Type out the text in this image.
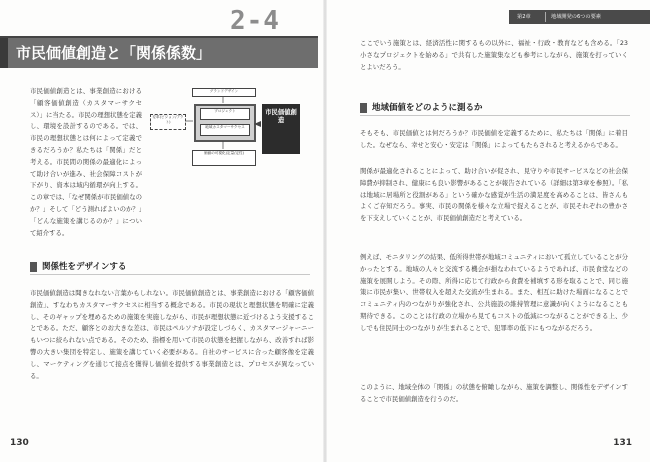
2-4
市民価値創造と「関係係数」
市民価値創造とは、事業創造における「顧客価値創造（カスタマーサクセス）」に当たる。市民の理想状態を定義し、環境を設計するのである。では、市民の理想状態とは何によって定義できるだろうか？私たちは「関係」だと考える。市民間の関係の最適化によって助け合いが進み、社会保障コストが下がり、資本は域内循環が向上する。この章では、「なぜ関係が市民価値なのか？」そして「どう測ればよいのか？」「どんな施策を講じるのか？」について紹介する。
グランドデザイン
変革(ビジョン/アクト)
プロジェクト
地域カスタマーサクセス
価値の可視化(定量/定性)
市民価値創造
関係性をデザインする
市民価値創造は聞きなれない言葉かもしれない。市民価値創造とは、事業創造における「顧客価値創造」、すなわちカスタマーサクセスに相当する概念である。市民の現状と理想状態を明確に定義し、そのギャップを埋めるための施策を実施しながら、市民が理想状態に近づけるよう支援することである。ただ、顧客とのお大きな差は、市民はペルソナが設定しづらく、カスタマージャーニーもいつに絞られない点である。そのため、指標を用いて市民の状態を把握しながら、改善すれば影響の大きい集団を特定し、施策を講じていく必要がある。自社のサービスに合った顧客像を定義し、マーケティングを通じて接点を獲得し価値を提供する事業創造とは、プロセスが異なっている。
130
第2章	地域開発の6つの要素
ここでいう施策とは、経済活性に関するもの以外に、福祉・行政・教育なども含める。「23 小さなプロジェクトを始める」で共有した施策集なども参考にしながら、施策を打っていくとよいだろう。
地域価値をどのように測るか
そもそも、市民価値とは何だろうか？市民価値を定義するために、私たちは「関係」に着目した。なぜなら、幸せと安心・安定は「関係」によってもたらされると考えるからである。
関係が最適化されることによって、助け合いが促され、見守りや市民サービスなどの社会保障費が抑制され、健康にも良い影響があることが報告されている（詳細は第3章を参照）。「私は地域に居場所と役割がある」という確かな感覚が生活の満足度を高めることは、皆さんもよくご存知だろう。事実、市民の関係を様々な立場で捉えることが、市民それぞれの豊かさを下支えしていくことが、市民価値創造だと考えている。
例えば、モニタリングの結果、低所得世帯が地域コミュニティにおいて孤立していることが分かったとする。地域の人々と交流する機会が損なわれているようであれば、市民食堂などの施策を展開しよう。その際、所得に応じて行政から食費を補填する形を取ることで、同じ施策に市民が集い、世帯収入を超えた交流が生まれる。また、相互に助けた場面になることでコミュニティ内のつながりが強化され、公共施設の維持管理に意識が向くようになることも期待できる。このことは行政の立場から見てもコストの低減につながることができる上、少しでも住民同士のつながりが生まれることで、犯罪率の低下にもつながるだろう。
このように、地域全体の「関係」の状態を俯瞰しながら、施策を調整し、関係性をデザインすることで市民価値創造を行うのだ。
131
